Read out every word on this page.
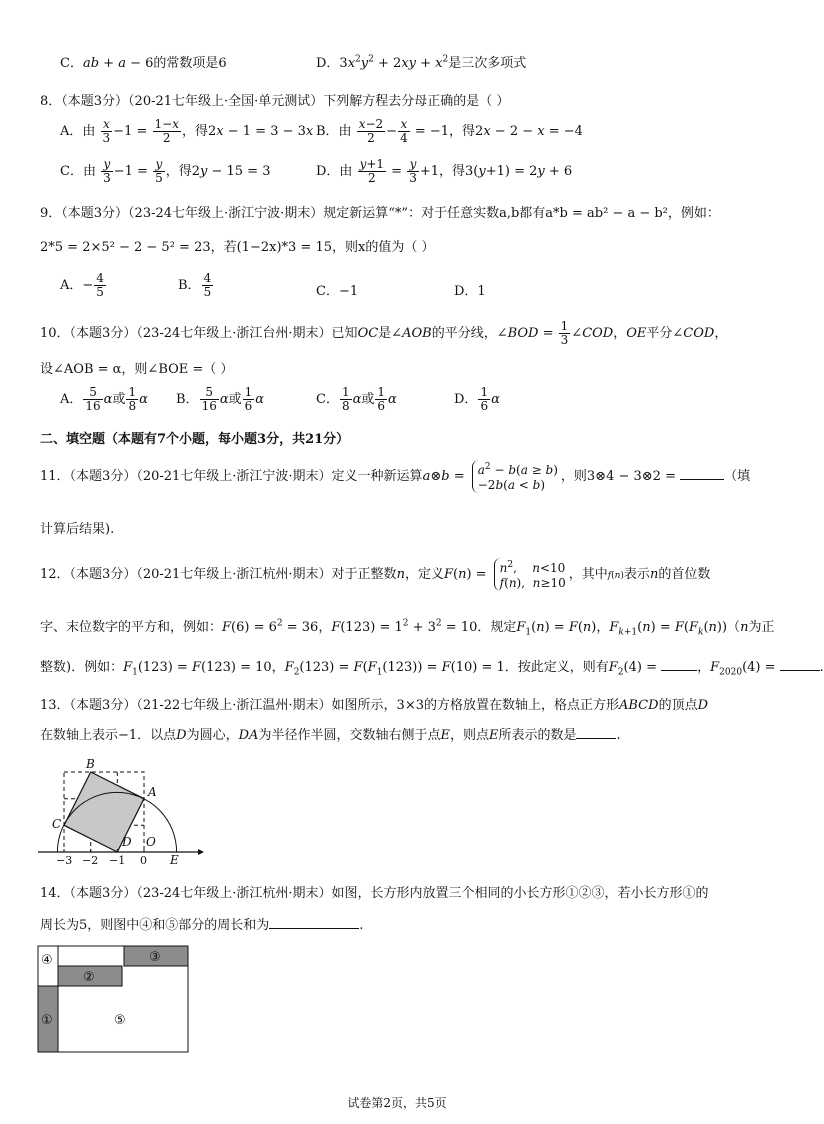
C．ab + a − 6的常数项是6	D．$3x^2y^2 + 2xy + x^2$是三次多项式
8．（本题3分）（20-21七年级上·全国·单元测试）下列解方程去分母正确的是（ ）
A．由 $\frac{x}{3} -1 = \frac{1-x}{2}$ ，得2x − 1 = 3 − 3x B．由 $\frac{x-2}{2} - \frac{x}{4} = -1$，得2x − 2 − x = −4
C．由 $\frac{y}{3} -1 = \frac{y}{5}$ ，得2y − 15 = 3	D．由 $\frac{y+1}{2} = \frac{y}{3} +1$，得3(y+1) = 2y + 6
9．（本题3分）（23-24七年级上·浙江宁波·期末）规定新运算“*”：对于任意实数a,b都有a*b = ab² − a − b²，例如：
2*5 = 2×5² − 2 − 5² = 23，若(1−2x)*3 = 15，则x的值为（ ）
A．− $\frac{4}{5}$	B． $\frac{4}{5}$	C．−1	D．1
10．（本题3分）（23-24七年级上·浙江台州·期末）已知OC是∠AOB的平分线，∠BOD = $\frac{1}{3}$ ∠COD，OE平分∠COD，
设∠AOB = α，则∠BOE =（ ）
A． $\frac{5}{16}$ α或 $\frac{1}{8}$ α B． $\frac{5}{16}$ α或 $\frac{1}{6}$ α	C． $\frac{1}{8}$ α或 $\frac{1}{6}$ α	D． $\frac{1}{6}$ α
二、填空题（本题有7个小题，每小题3分，共21分）
11．（本题3分）（20-21七年级上·浙江宁波·期末）定义一种新运算a⊗b = $a^2 - b(a \ge b)$
−2b(a < b)，则3⊗4 − 3⊗2 =	（填
计算后结果).
12．（本题3分）（20-21七年级上·浙江杭州·期末）对于正整数n，定义$F(n) = n^2$,    n<10
f(n),  n≥10，其中f(n)表示n的首位数
字、末位数字的平方和，例如：$F(6) = 6^2 = 36$，$F(123) = 1^2 + 3^2 = 10$．规定$F_1(n) = F(n)$，$F_{k+1}(n) = F(F_k(n))(n$为正
整数)．例如：$F_1(123) = F(123) = 10$，$F_2(123) = F(F_1(123)) = F(10) = 1$．按此定义，则有$F_2(4)$ =	，$F_{2020}(4)$ =	.
13．（本题3分）（21-22七年级上·浙江温州·期末）如图所示，3×3的方格放置在数轴上，格点正方形ABCD的顶点D
在数轴上表示−1．以点D为圆心，DA为半径作半圆，交数轴右侧于点E，则点E所表示的数是	.
B
A
C
D O
E
−3 −2 −1 0
14．（本题3分）（23-24七年级上·浙江杭州·期末）如图，长方形内放置三个相同的小长方形①②③，若小长方形①的
周长为5，则图中④和⑤部分的周长和为	.
④	③
②
①	⑤
试卷第2页，共5页
